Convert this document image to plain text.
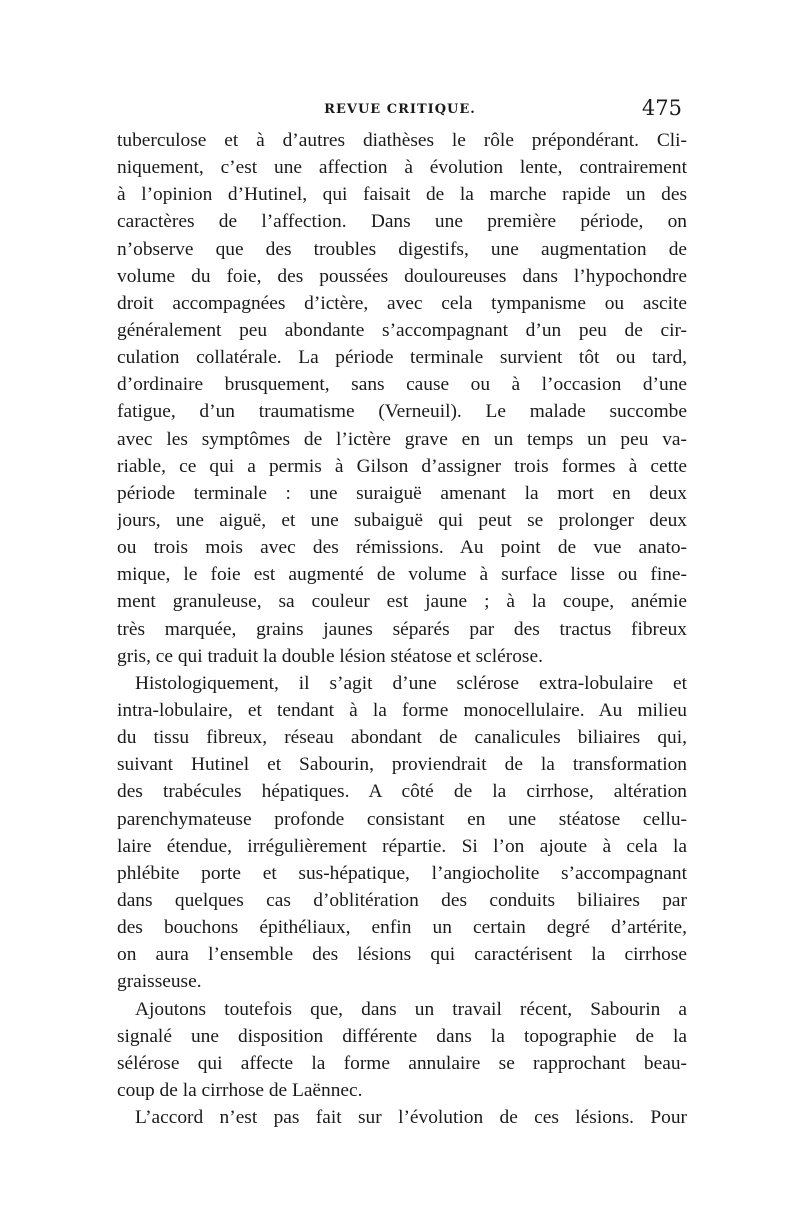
REVUE CRITIQUE.	475
tuberculose et à d’autres diathèses le rôle prépondérant. Cli-
niquement, c’est une affection à évolution lente, contrairement
à l’opinion d’Hutinel, qui faisait de la marche rapide un des
caractères de l’affection. Dans une première période, on
n’observe que des troubles digestifs, une augmentation de
volume du foie, des poussées douloureuses dans l’hypochondre
droit accompagnées d’ictère, avec cela tympanisme ou ascite
généralement peu abondante s’accompagnant d’un peu de cir-
culation collatérale. La période terminale survient tôt ou tard,
d’ordinaire brusquement, sans cause ou à l’occasion d’une
fatigue, d’un traumatisme (Verneuil). Le malade succombe
avec les symptômes de l’ictère grave en un temps un peu va-
riable, ce qui a permis à Gilson d’assigner trois formes à cette
période terminale : une suraiguë amenant la mort en deux
jours, une aiguë, et une subaiguë qui peut se prolonger deux
ou trois mois avec des rémissions. Au point de vue anato-
mique, le foie est augmenté de volume à surface lisse ou fine-
ment granuleuse, sa couleur est jaune ; à la coupe, anémie
très marquée, grains jaunes séparés par des tractus fibreux
gris, ce qui traduit la double lésion stéatose et sclérose.
Histologiquement, il s’agit d’une sclérose extra-lobulaire et
intra-lobulaire, et tendant à la forme monocellulaire. Au milieu
du tissu fibreux, réseau abondant de canalicules biliaires qui,
suivant Hutinel et Sabourin, proviendrait de la transformation
des trabécules hépatiques. A côté de la cirrhose, altération
parenchymateuse profonde consistant en une stéatose cellu-
laire étendue, irrégulièrement répartie. Si l’on ajoute à cela la
phlébite porte et sus-hépatique, l’angiocholite s’accompagnant
dans quelques cas d’oblitération des conduits biliaires par
des bouchons épithéliaux, enfin un certain degré d’artérite,
on aura l’ensemble des lésions qui caractérisent la cirrhose
graisseuse.
Ajoutons toutefois que, dans un travail récent, Sabourin a
signalé une disposition différente dans la topographie de la
sélérose qui affecte la forme annulaire se rapprochant beau-
coup de la cirrhose de Laënnec.
L’accord n’est pas fait sur l’évolution de ces lésions. Pour
